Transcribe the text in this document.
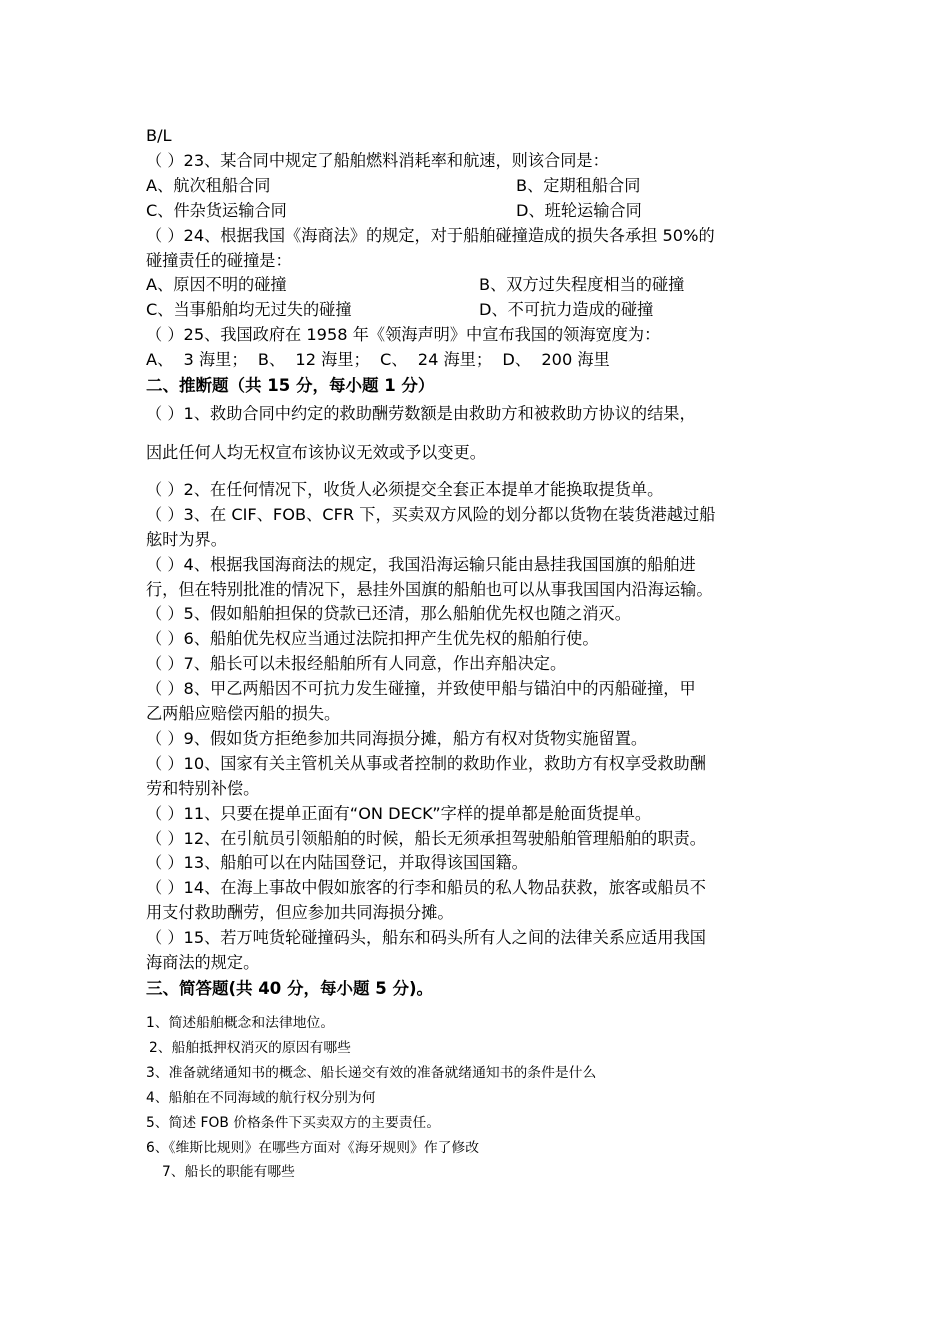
B/L
（ ）23、某合同中规定了船舶燃料消耗率和航速，则该合同是：
A、航次租船合同	B、定期租船合同
C、件杂货运输合同	D、班轮运输合同
（ ）24、根据我国《海商法》的规定，对于船舶碰撞造成的损失各承担 50%的
碰撞责任的碰撞是：
A、原因不明的碰撞	B、双方过失程度相当的碰撞
C、当事船舶均无过失的碰撞	D、不可抗力造成的碰撞
（ ）25、我国政府在 1958 年《领海声明》中宣布我国的领海宽度为：
A、  3 海里；  B、  12 海里；  C、  24 海里；  D、  200 海里
二、推断题（共 15 分，每小题 1 分）
（ ）1、救助合同中约定的救助酬劳数额是由救助方和被救助方协议的结果，
因此任何人均无权宣布该协议无效或予以变更。
（ ）2、在任何情况下，收货人必须提交全套正本提单才能换取提货单。
（ ）3、在 CIF、FOB、CFR 下，买卖双方风险的划分都以货物在装货港越过船
舷时为界。
（ ）4、根据我国海商法的规定，我国沿海运输只能由悬挂我国国旗的船舶进
行，但在特别批准的情况下，悬挂外国旗的船舶也可以从事我国国内沿海运输。
（ ）5、假如船舶担保的贷款已还清，那么船舶优先权也随之消灭。
（ ）6、船舶优先权应当通过法院扣押产生优先权的船舶行使。
（ ）7、船长可以未报经船舶所有人同意，作出弃船决定。
（ ）8、甲乙两船因不可抗力发生碰撞，并致使甲船与锚泊中的丙船碰撞，甲
乙两船应赔偿丙船的损失。
（ ）9、假如货方拒绝参加共同海损分摊，船方有权对货物实施留置。
（ ）10、国家有关主管机关从事或者控制的救助作业，救助方有权享受救助酬
劳和特别补偿。
（ ）11、只要在提单正面有“ON DECK”字样的提单都是舱面货提单。
（ ）12、在引航员引领船舶的时候，船长无须承担驾驶船舶管理船舶的职责。
（ ）13、船舶可以在内陆国登记，并取得该国国籍。
（ ）14、在海上事故中假如旅客的行李和船员的私人物品获救，旅客或船员不
用支付救助酬劳，但应参加共同海损分摊。
（ ）15、若万吨货轮碰撞码头，船东和码头所有人之间的法律关系应适用我国
海商法的规定。
三、简答题(共 40 分，每小题 5 分)。
1、简述船舶概念和法律地位。
2、船舶抵押权消灭的原因有哪些
3、准备就绪通知书的概念、船长递交有效的准备就绪通知书的条件是什么
4、船舶在不同海域的航行权分别为何
5、简述 FOB 价格条件下买卖双方的主要责任。
6、《维斯比规则》在哪些方面对《海牙规则》作了修改
7、船长的职能有哪些
